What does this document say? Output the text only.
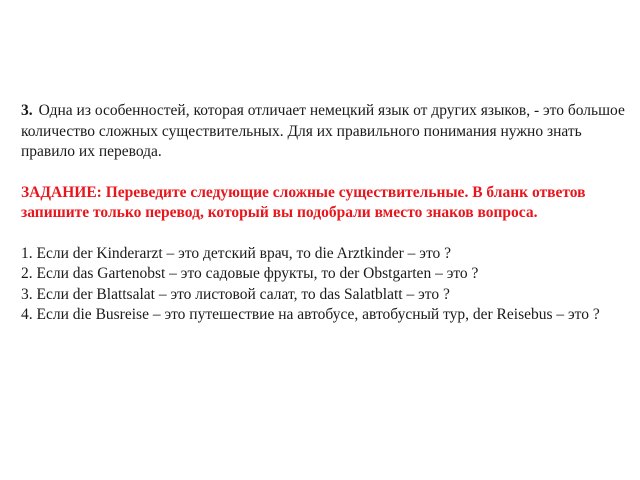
3. Одна из особенностей, которая отличает немецкий язык от других языков, - это большое количество сложных существительных. Для их правильного понимания нужно знать правило их перевода.
ЗАДАНИЕ: Переведите следующие сложные существительные. В бланк ответов запишите только перевод, который вы подобрали вместо знаков вопроса.
1. Если der Kinderarzt – это детский врач, то die Arztkinder – это ?
2. Если das Gartenobst – это садовые фрукты, то der Obstgarten – это ?
3. Если der Blattsalat – это листовой салат, то das Salatblatt – это ?
4. Если die Busreise – это путешествие на автобусе, автобусный тур, der Reisebus – это ?
